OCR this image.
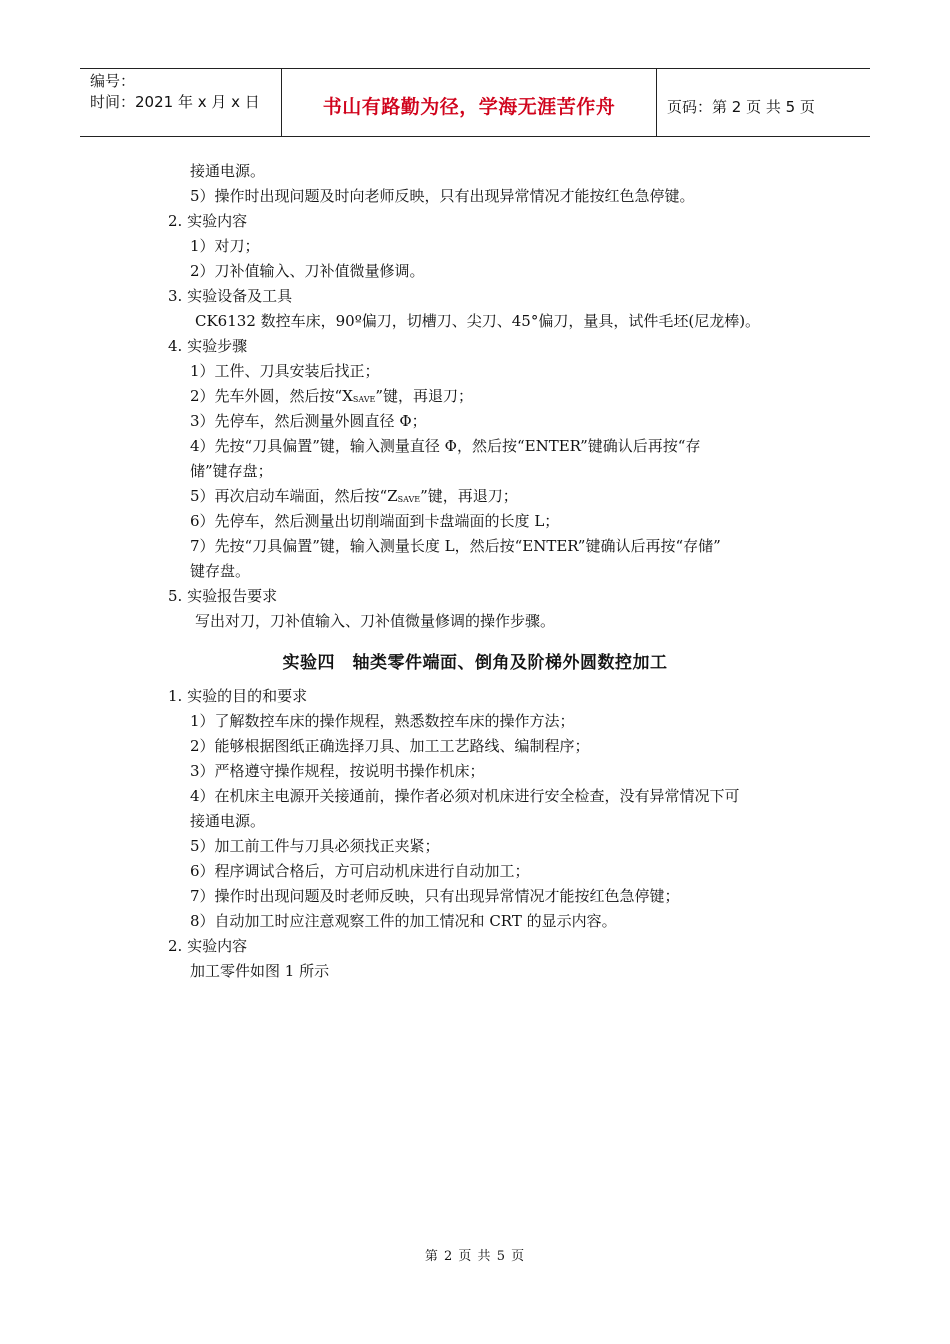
编号：
时间：2021 年 x 月 x 日	书山有路勤为径，学海无涯苦作舟	页码：第 2 页 共 5 页
接通电源。
5）操作时出现问题及时向老师反映，只有出现异常情况才能按红色急停键。
2. 实验内容
1）对刀；
2）刀补值输入、刀补值微量修调。
3. 实验设备及工具
CK6132 数控车床，90º偏刀，切槽刀、尖刀、45°偏刀，量具，试件毛坯(尼龙棒)。
4. 实验步骤
1）工件、刀具安装后找正；
2）先车外圆，然后按“$X_{SAVE}$”键，再退刀；
3）先停车，然后测量外圆直径 Φ；
4）先按“刀具偏置”键，输入测量直径 Φ，然后按“ENTER”键确认后再按“存
储”键存盘；
5）再次启动车端面，然后按“$Z_{SAVE}$”键，再退刀；
6）先停车，然后测量出切削端面到卡盘端面的长度 L；
7）先按“刀具偏置”键，输入测量长度 L，然后按“ENTER”键确认后再按“存储”
键存盘。
5. 实验报告要求
写出对刀，刀补值输入、刀补值微量修调的操作步骤。
实验四　轴类零件端面、倒角及阶梯外圆数控加工
1. 实验的目的和要求
1）了解数控车床的操作规程，熟悉数控车床的操作方法；
2）能够根据图纸正确选择刀具、加工工艺路线、编制程序；
3）严格遵守操作规程，按说明书操作机床；
4）在机床主电源开关接通前，操作者必须对机床进行安全检查，没有异常情况下可
接通电源。
5）加工前工件与刀具必须找正夹紧；
6）程序调试合格后，方可启动机床进行自动加工；
7）操作时出现问题及时老师反映，只有出现异常情况才能按红色急停键；
8）自动加工时应注意观察工件的加工情况和 CRT 的显示内容。
2. 实验内容
加工零件如图 1 所示
第 2 页 共 5 页
